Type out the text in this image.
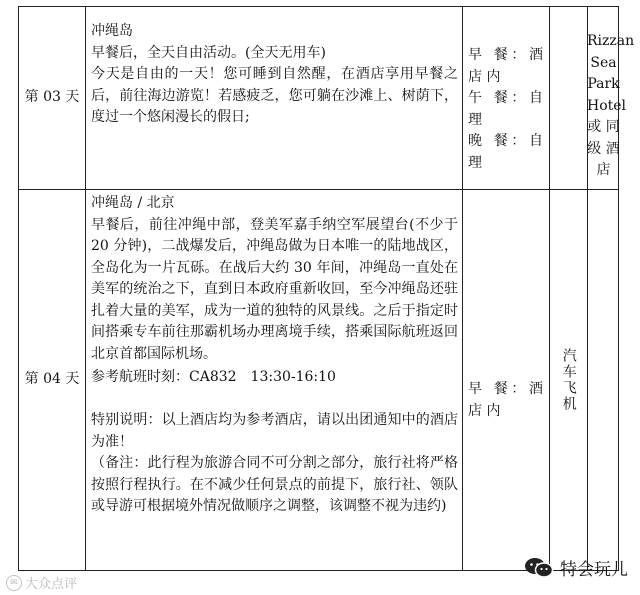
第 03 天

冲绳岛

早餐后，全天自由活动。(全天无用车)

今天是自由的一天！您可睡到自然醒，在酒店享用早餐之后，前往海边游览！若感疲乏，您可躺在沙滩上、树荫下，度过一个悠闲漫长的假日;

早 餐：酒
店 内
午 餐：自
理
晚 餐：自
理
Rizzan
Sea
Park
Hotel
或 同
级 酒
店
第 04 天

冲绳岛 / 北京

早餐后，前往冲绳中部，登美军嘉手纳空军展望台(不少于 20 分钟)，二战爆发后，冲绳岛做为日本唯一的陆地战区，全岛化为一片瓦砾。在战后大约 30 年间，冲绳岛一直处在美军的统治之下，直到日本政府重新收回，至今冲绳岛还驻扎着大量的美军，成为一道的独特的风景线。之后于指定时间搭乘专车前往那霸机场办理离境手续，搭乘国际航班返回北京首都国际机场。

参考航班时刻：CA832　13:30-16:10

特别说明：以上酒店均为参考酒店，请以出团通知中的酒店为准！

（备注：此行程为旅游合同不可分割之部分，旅行社将严格按照行程执行。在不减少任何景点的前提下，旅行社、领队或导游可根据境外情况做顺序之调整，该调整不视为违约)

早 餐：酒
店 内	汽车飞机
✉ 大众点评
特会玩儿
